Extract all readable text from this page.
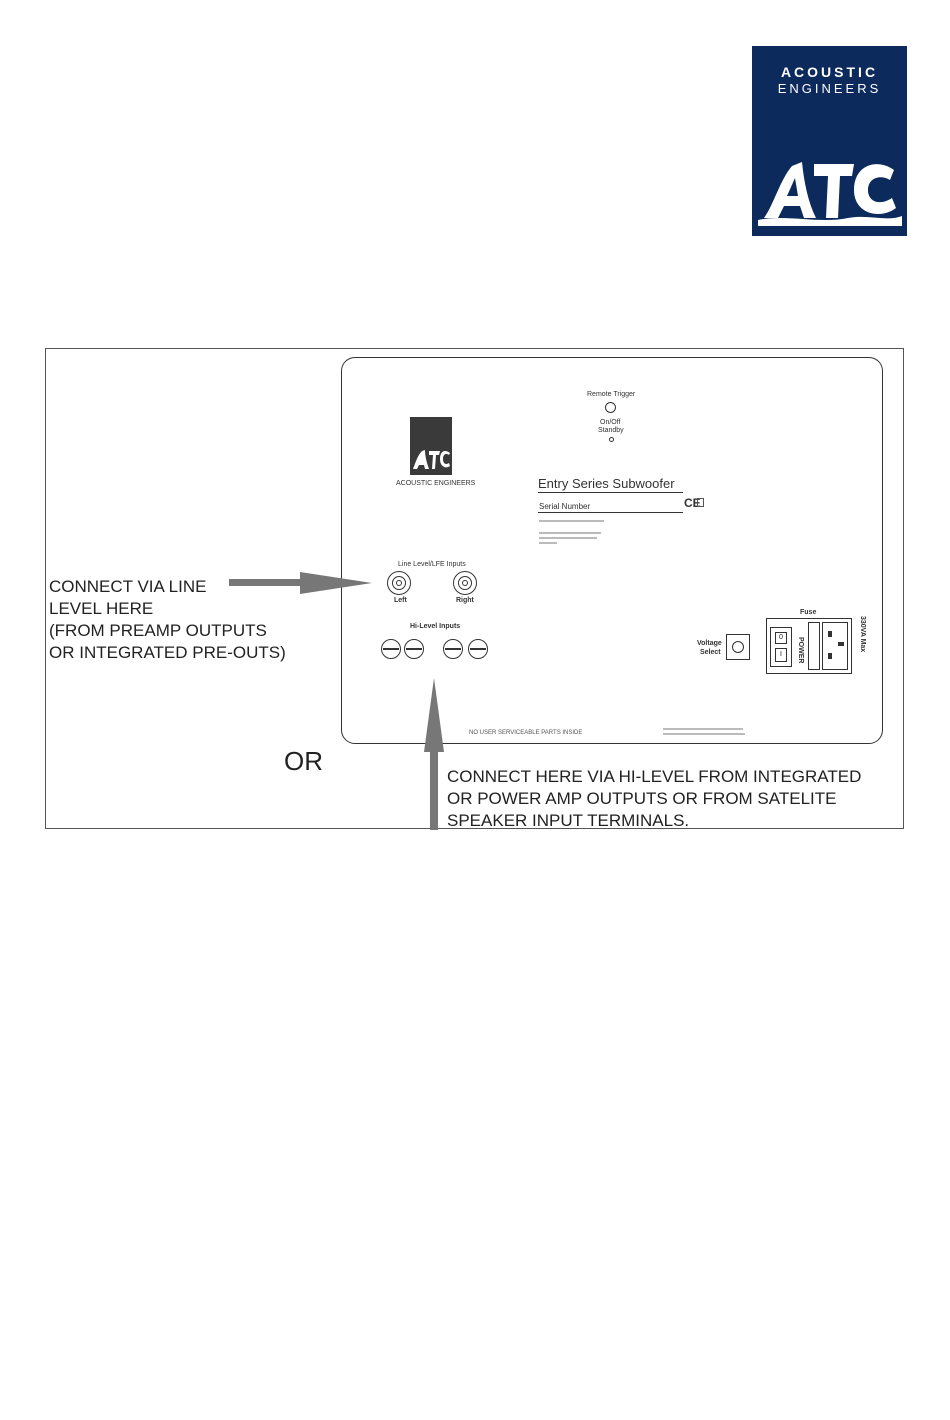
ACOUSTIC
ENGINEERS
ACOUSTIC ENGINEERS
Remote Trigger
On/Off
Standby
Entry Series Subwoofer
Serial Number	CE
Line Level/LFE Inputs
Left	Right
Hi-Level Inputs
Voltage
Select
Fuse
0
I	POWER	330VA Max
NO USER SERVICEABLE PARTS INSIDE
CONNECT VIA LINE
LEVEL HERE
(FROM PREAMP OUTPUTS
OR INTEGRATED PRE-OUTS)
OR
CONNECT HERE VIA HI-LEVEL FROM INTEGRATED
OR POWER AMP OUTPUTS OR FROM SATELITE
SPEAKER INPUT TERMINALS.
